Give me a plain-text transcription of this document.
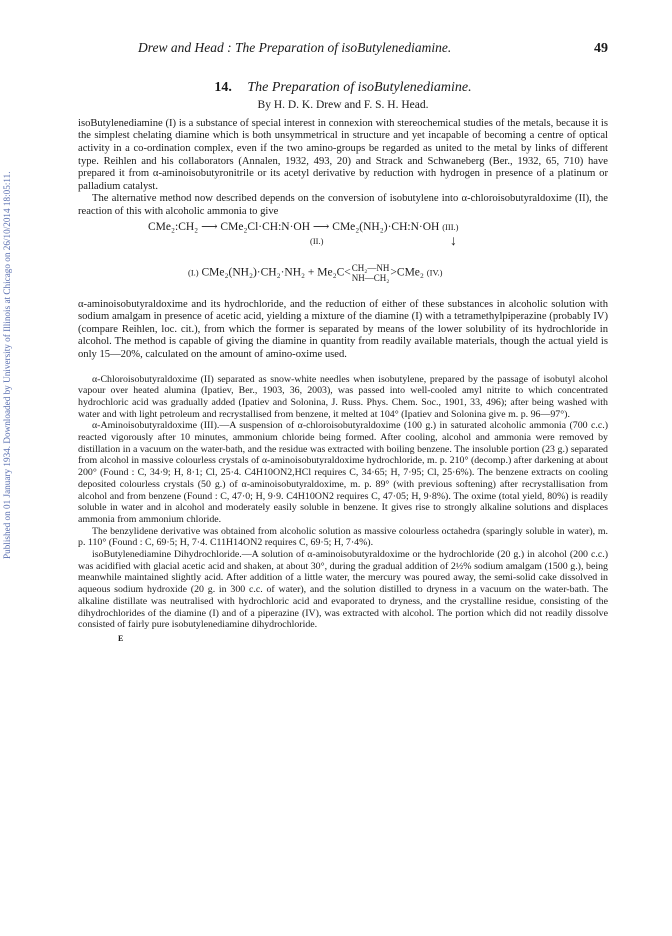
Published on 01 January 1934. Downloaded by University of Illinois at Chicago on 26/10/2014 18:05:11.
Drew and Head : The Preparation of isoButylenediamine.	49
14. The Preparation of isoButylenediamine.
By H. D. K. Drew and F. S. H. Head.

isoButylenediamine (I) is a substance of special interest in connexion with stereochemical studies of the metals, because it is the simplest chelating diamine which is both unsymmetrical in structure and yet incapable of becoming a centre of optical activity in a co-ordination complex, even if the two amino-groups be regarded as united to the metal by links of different type. Reihlen and his collaborators (Annalen, 1932, 493, 20) and Strack and Schwaneberg (Ber., 1932, 65, 710) have prepared it from α-aminoisobutyronitrile or its acetyl derivative by reduction with hydrogen in presence of a platinum or palladium catalyst.

The alternative method now described depends on the conversion of isobutylene into α-chloroisobutyraldoxime (II), the reaction of this with alcoholic ammonia to give

CMe₂:CH₂ ⟶ CMe₂Cl·CH:N·OH ⟶ CMe₂(NH₂)·CH:N·OH (III.)
(II.)	↓
(I.) CMe₂(NH₂)·CH₂·NH₂ + Me₂C<CH₂—NH
NH—CH₂>CMe₂ (IV.)

α-aminoisobutyraldoxime and its hydrochloride, and the reduction of either of these substances in alcoholic solution with sodium amalgam in presence of acetic acid, yielding a mixture of the diamine (I) with a tetramethylpiperazine (probably IV) (compare Reihlen, loc. cit.), from which the former is separated by means of the lower solubility of its hydrochloride in alcohol. The method is capable of giving the diamine in quantity from readily available materials, though the actual yield is only 15—20%, calculated on the amount of amino-oxime used.

α-Chloroisobutyraldoxime (II) separated as snow-white needles when isobutylene, prepared by the passage of isobutyl alcohol vapour over heated alumina (Ipatiev, Ber., 1903, 36, 2003), was passed into well-cooled amyl nitrite to which concentrated hydrochloric acid was gradually added (Ipatiev and Solonina, J. Russ. Phys. Chem. Soc., 1901, 33, 496); after being washed with water and with light petroleum and recrystallised from benzene, it melted at 104° (Ipatiev and Solonina give m. p. 96—97°).

α-Aminoisobutyraldoxime (III).—A suspension of α-chloroisobutyraldoxime (100 g.) in saturated alcoholic ammonia (700 c.c.) reacted vigorously after 10 minutes, ammonium chloride being formed. After cooling, alcohol and ammonia were removed by distillation in a vacuum on the water-bath, and the residue was extracted with boiling benzene. The insoluble portion (23 g.) separated from alcohol in massive colourless crystals of α-aminoisobutyraldoxime hydrochloride, m. p. 210° (decomp.) after darkening at about 200° (Found : C, 34·9; H, 8·1; Cl, 25·4. C4H10ON2,HCl requires C, 34·65; H, 7·95; Cl, 25·6%). The benzene extracts on cooling deposited colourless crystals (50 g.) of α-aminoisobutyraldoxime, m. p. 89° (with previous softening) after recrystallisation from alcohol and from benzene (Found : C, 47·0; H, 9·9. C4H10ON2 requires C, 47·05; H, 9·8%). The oxime (total yield, 80%) is readily soluble in water and in alcohol and moderately easily soluble in benzene. It gives rise to strongly alkaline solutions and displaces ammonia from ammonium chloride.

The benzylidene derivative was obtained from alcoholic solution as massive colourless octahedra (sparingly soluble in water), m. p. 110° (Found : C, 69·5; H, 7·4. C11H14ON2 requires C, 69·5; H, 7·4%).

isoButylenediamine Dihydrochloride.—A solution of α-aminoisobutyraldoxime or the hydrochloride (20 g.) in alcohol (200 c.c.) was acidified with glacial acetic acid and shaken, at about 30°, during the gradual addition of 2½% sodium amalgam (1500 g.), being meanwhile maintained slightly acid. After addition of a little water, the mercury was poured away, the semi-solid cake dissolved in aqueous sodium hydroxide (20 g. in 300 c.c. of water), and the solution distilled to dryness in a vacuum on the water-bath. The alkaline distillate was neutralised with hydrochloric acid and evaporated to dryness, and the crystalline residue, consisting of the dihydrochlorides of the diamine (I) and of a piperazine (IV), was extracted with alcohol. The portion which did not readily dissolve consisted of fairly pure isobutylenediamine dihydrochloride.

E
